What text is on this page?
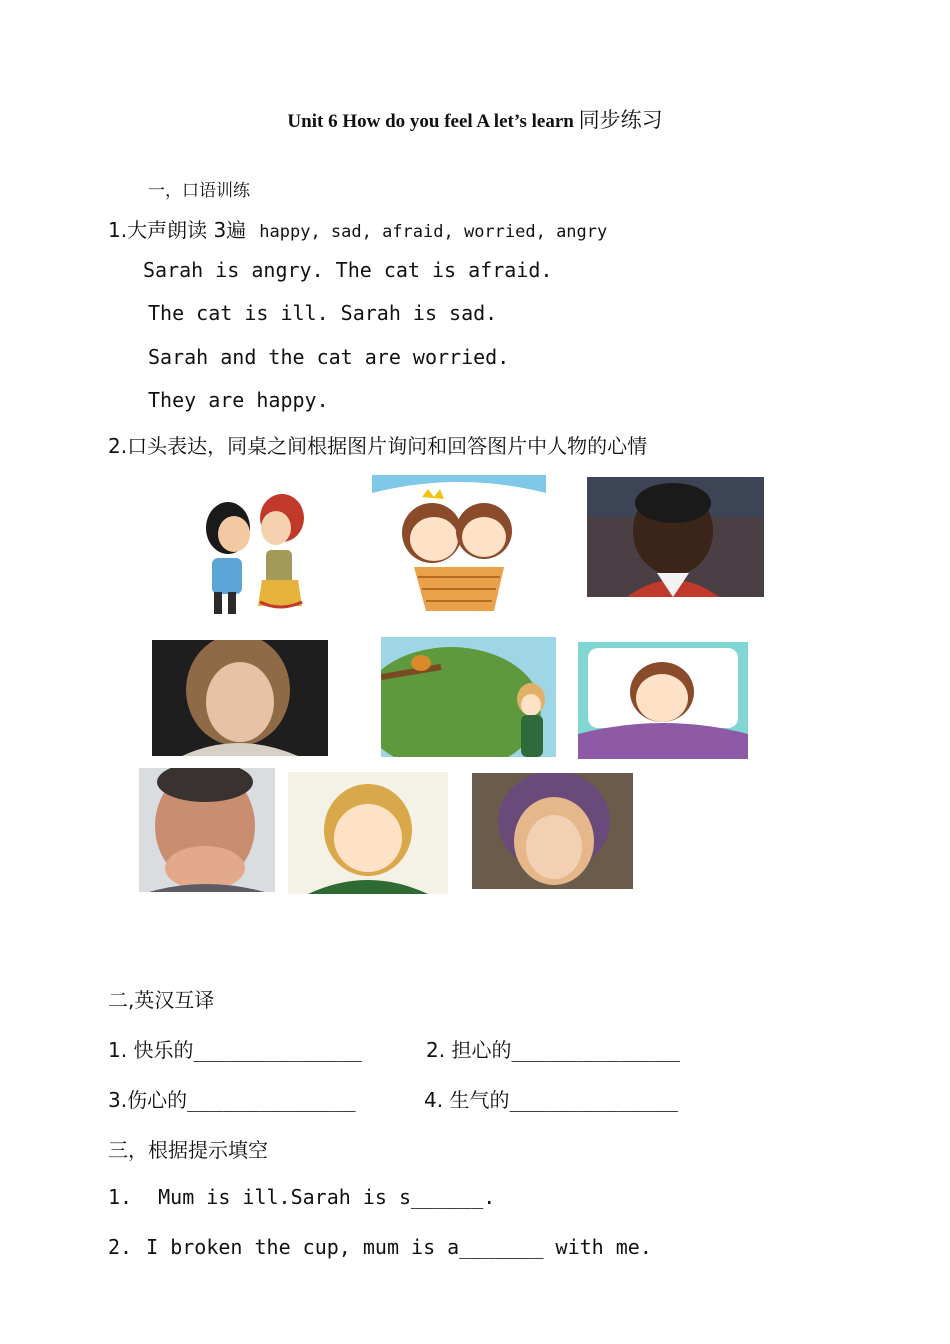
Unit 6 How do you feel A let’s learn 同步练习
一，口语训练
1.大声朗读 3遍 happy, sad, afraid, worried, angry
Sarah is angry. The cat is afraid.
The cat is ill. Sarah is sad.
Sarah and the cat are worried.
They are happy.
2.口头表达，同桌之间根据图片询问和回答图片中人物的心情
二,英汉互译
1. 快乐的______________	2. 担心的______________
3.伤心的______________	4. 生气的______________
三，根据提示填空
1. Mum is ill.Sarah is s______.
2. I broken the cup, mum is a_______ with me.
